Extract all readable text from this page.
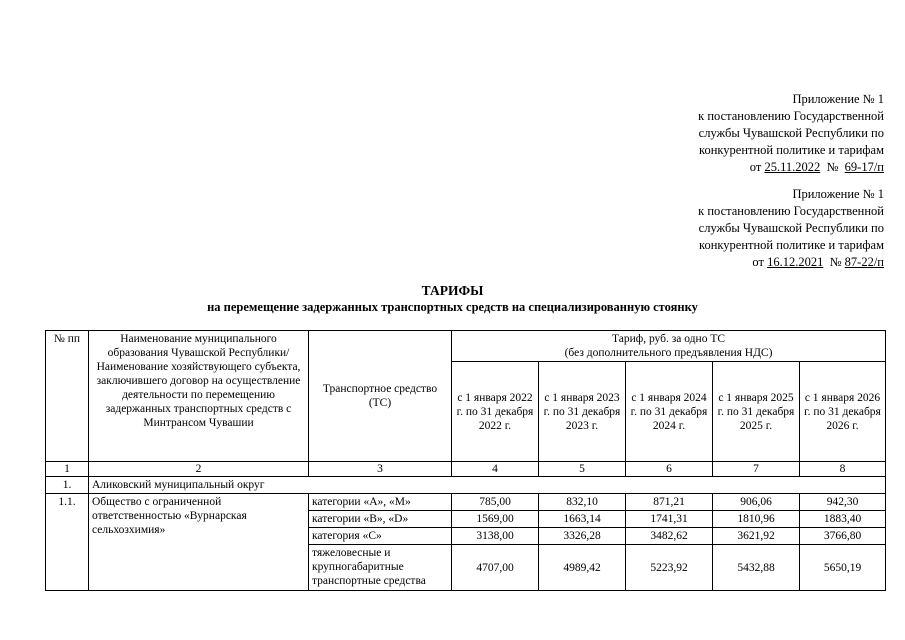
Приложение № 1
к постановлению Государственной
службы Чувашской Республики по
конкурентной политике и тарифам
от 25.11.2022 № 69-17/п
Приложение № 1
к постановлению Государственной
службы Чувашской Республики по
конкурентной политике и тарифам
от 16.12.2021 № 87-22/п
ТАРИФЫ
на перемещение задержанных транспортных средств на специализированную стоянку
№ пп	Наименование муниципального образования Чувашской Республики/ Наименование хозяйствующего субъекта, заключившего договор на осуществление деятельности по перемещению задержанных транспортных средств с Минтрансом Чувашии	Транспортное средство (ТС)	Тариф, руб. за одно ТС
(без дополнительного предъявления НДС)				

			с 1 января 2022 г. по 31 декабря 2022 г.	с 1 января 2023 г. по 31 декабря 2023 г.	с 1 января 2024 г. по 31 декабря 2024 г.	с 1 января 2025 г. по 31 декабря 2025 г.	с 1 января 2026 г. по 31 декабря 2026 г.
1	2	3	4	5	6	7	8
1.	Аликовский муниципальный округ						
1.1.	Общество с ограниченной ответственностью «Вурнарская сельхозхимия»	категории «А», «М»	785,00	832,10	871,21	906,06	942,30
		категории «В», «D»	1569,00	1663,14	1741,31	1810,96	1883,40
		категория «С»	3138,00	3326,28	3482,62	3621,92	3766,80
		тяжеловесные и крупногабаритные транспортные средства	4707,00	4989,42	5223,92	5432,88	5650,19
